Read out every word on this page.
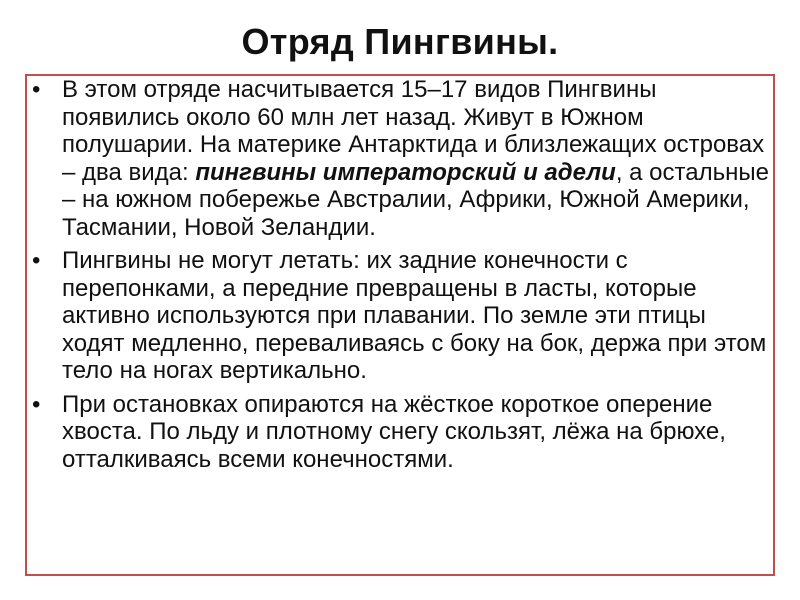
Отряд Пингвины.
• В этом отряде насчитывается 15–17 видов Пингвины появились около 60 млн лет назад. Живут в Южном полушарии. На материке Антарктида и близлежащих островах – два вида: пингвины императорский и адели, а остальные – на южном побережье Австралии, Африки, Южной Америки, Тасмании, Новой Зеландии.
• Пингвины не могут летать: их задние конечности с перепонками, а передние превращены в ласты, которые активно используются при плавании. По земле эти птицы ходят медленно, переваливаясь с боку на бок, держа при этом тело на ногах вертикально.
• При остановках опираются на жёсткое короткое оперение хвоста. По льду и плотному снегу скользят, лёжа на брюхе, отталкиваясь всеми конечностями.
